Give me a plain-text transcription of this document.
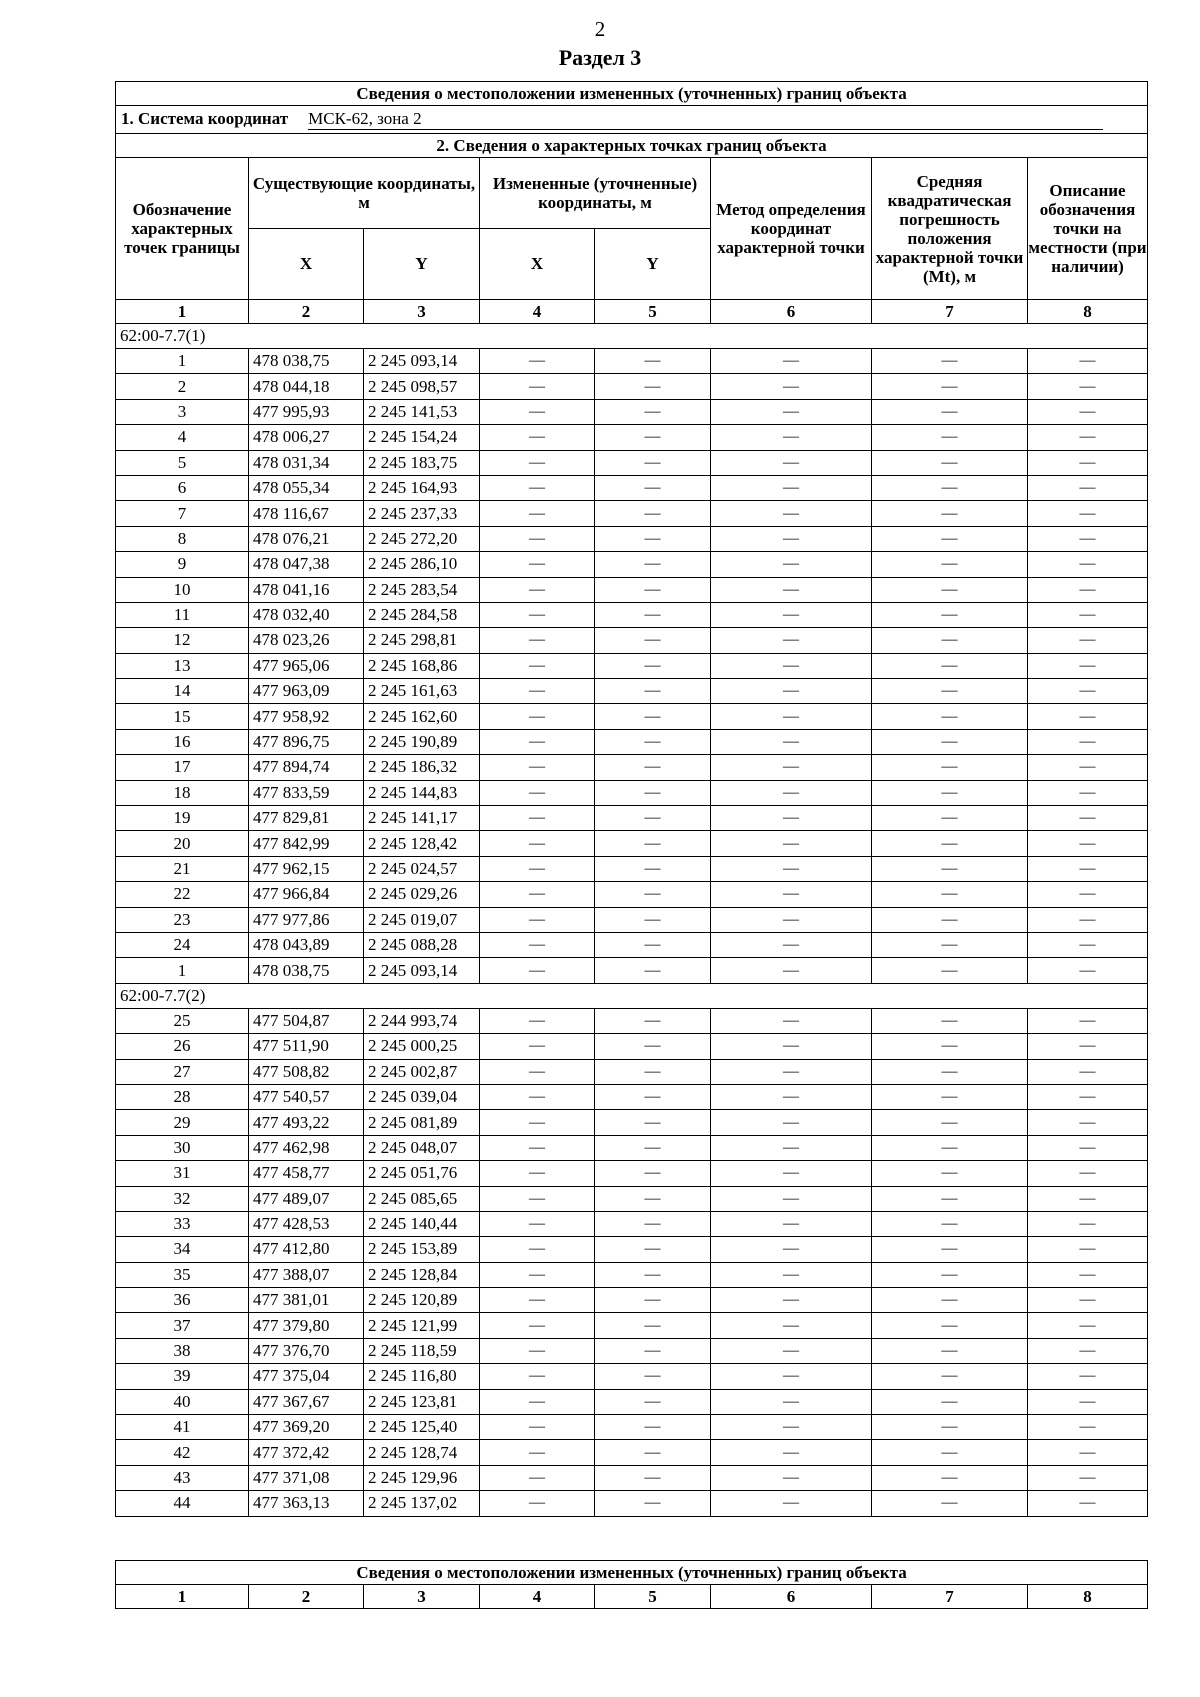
2
Раздел 3
Сведения о местоположении измененных (уточненных) границ объекта							
1. Система координат МСК-62, зона 2							
2. Сведения о характерных точках границ объекта							
Обозначение характерных точек границы	Существующие координаты, м		Измененные (уточненные) координаты, м		Метод определения координат характерной точки	Средняя квадратическая погрешность положения характерной точки (Mt), м	Описание обозначения точки на местности (при наличии)
	X	Y	X	Y			
1	2	3	4	5	6	7	8
62:00-7.7(1)							
1	478 038,75	2 245 093,14	—	—	—	—	—
2	478 044,18	2 245 098,57	—	—	—	—	—
3	477 995,93	2 245 141,53	—	—	—	—	—
4	478 006,27	2 245 154,24	—	—	—	—	—
5	478 031,34	2 245 183,75	—	—	—	—	—
6	478 055,34	2 245 164,93	—	—	—	—	—
7	478 116,67	2 245 237,33	—	—	—	—	—
8	478 076,21	2 245 272,20	—	—	—	—	—
9	478 047,38	2 245 286,10	—	—	—	—	—
10	478 041,16	2 245 283,54	—	—	—	—	—
11	478 032,40	2 245 284,58	—	—	—	—	—
12	478 023,26	2 245 298,81	—	—	—	—	—
13	477 965,06	2 245 168,86	—	—	—	—	—
14	477 963,09	2 245 161,63	—	—	—	—	—
15	477 958,92	2 245 162,60	—	—	—	—	—
16	477 896,75	2 245 190,89	—	—	—	—	—
17	477 894,74	2 245 186,32	—	—	—	—	—
18	477 833,59	2 245 144,83	—	—	—	—	—
19	477 829,81	2 245 141,17	—	—	—	—	—
20	477 842,99	2 245 128,42	—	—	—	—	—
21	477 962,15	2 245 024,57	—	—	—	—	—
22	477 966,84	2 245 029,26	—	—	—	—	—
23	477 977,86	2 245 019,07	—	—	—	—	—
24	478 043,89	2 245 088,28	—	—	—	—	—
1	478 038,75	2 245 093,14	—	—	—	—	—
62:00-7.7(2)							
25	477 504,87	2 244 993,74	—	—	—	—	—
26	477 511,90	2 245 000,25	—	—	—	—	—
27	477 508,82	2 245 002,87	—	—	—	—	—
28	477 540,57	2 245 039,04	—	—	—	—	—
29	477 493,22	2 245 081,89	—	—	—	—	—
30	477 462,98	2 245 048,07	—	—	—	—	—
31	477 458,77	2 245 051,76	—	—	—	—	—
32	477 489,07	2 245 085,65	—	—	—	—	—
33	477 428,53	2 245 140,44	—	—	—	—	—
34	477 412,80	2 245 153,89	—	—	—	—	—
35	477 388,07	2 245 128,84	—	—	—	—	—
36	477 381,01	2 245 120,89	—	—	—	—	—
37	477 379,80	2 245 121,99	—	—	—	—	—
38	477 376,70	2 245 118,59	—	—	—	—	—
39	477 375,04	2 245 116,80	—	—	—	—	—
40	477 367,67	2 245 123,81	—	—	—	—	—
41	477 369,20	2 245 125,40	—	—	—	—	—
42	477 372,42	2 245 128,74	—	—	—	—	—
43	477 371,08	2 245 129,96	—	—	—	—	—
44	477 363,13	2 245 137,02	—	—	—	—	—
Сведения о местоположении измененных (уточненных) границ объекта
1	2	3	4	5	6	7	8
